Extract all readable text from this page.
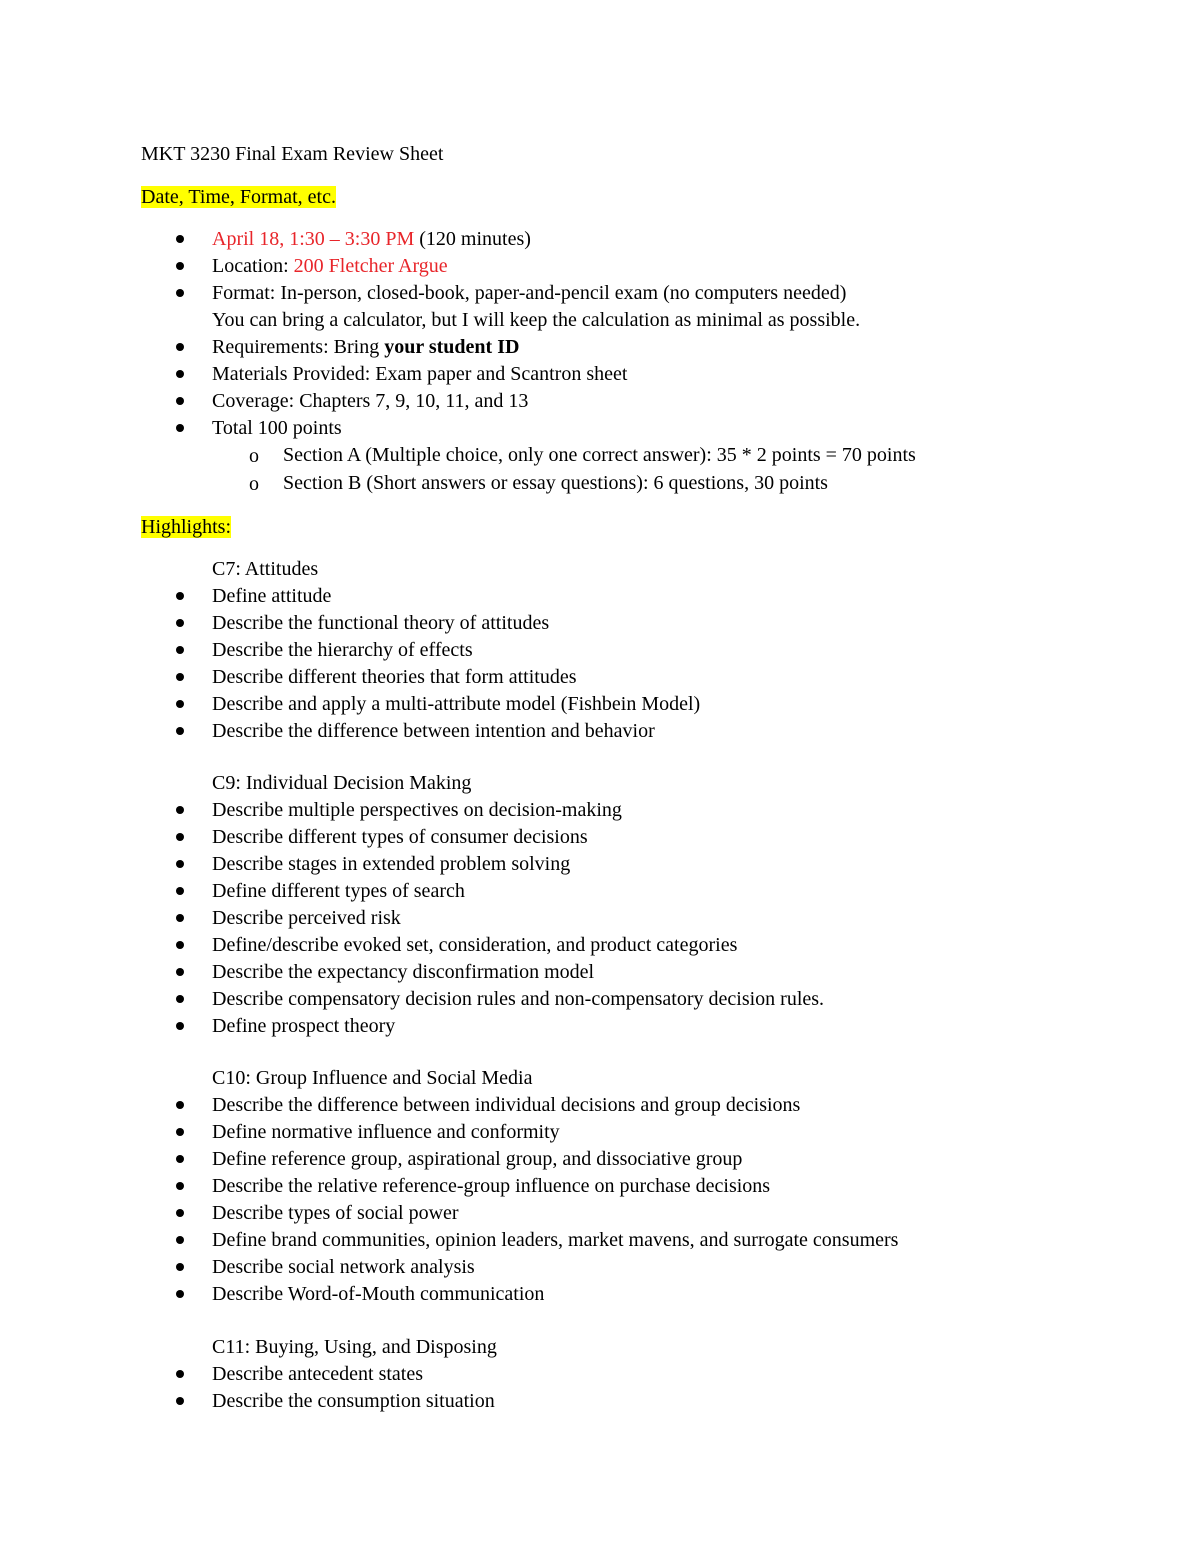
MKT 3230 Final Exam Review Sheet
Date, Time, Format, etc.
April 18, 1:30 – 3:30 PM (120 minutes)
Location: 200 Fletcher Argue
Format: In-person, closed-book, paper-and-pencil exam (no computers needed)
You can bring a calculator, but I will keep the calculation as minimal as possible.
Requirements: Bring your student ID
Materials Provided: Exam paper and Scantron sheet
Coverage: Chapters 7, 9, 10, 11, and 13
Total 100 points
o Section A (Multiple choice, only one correct answer): 35 * 2 points = 70 points
o Section B (Short answers or essay questions): 6 questions, 30 points
Highlights:
C7: Attitudes
Define attitude
Describe the functional theory of attitudes
Describe the hierarchy of effects
Describe different theories that form attitudes
Describe and apply a multi-attribute model (Fishbein Model)
Describe the difference between intention and behavior
C9: Individual Decision Making
Describe multiple perspectives on decision-making
Describe different types of consumer decisions
Describe stages in extended problem solving
Define different types of search
Describe perceived risk
Define/describe evoked set, consideration, and product categories
Describe the expectancy disconfirmation model
Describe compensatory decision rules and non-compensatory decision rules.
Define prospect theory
C10: Group Influence and Social Media
Describe the difference between individual decisions and group decisions
Define normative influence and conformity
Define reference group, aspirational group, and dissociative group
Describe the relative reference-group influence on purchase decisions
Describe types of social power
Define brand communities, opinion leaders, market mavens, and surrogate consumers
Describe social network analysis
Describe Word-of-Mouth communication
C11: Buying, Using, and Disposing
Describe antecedent states
Describe the consumption situation
